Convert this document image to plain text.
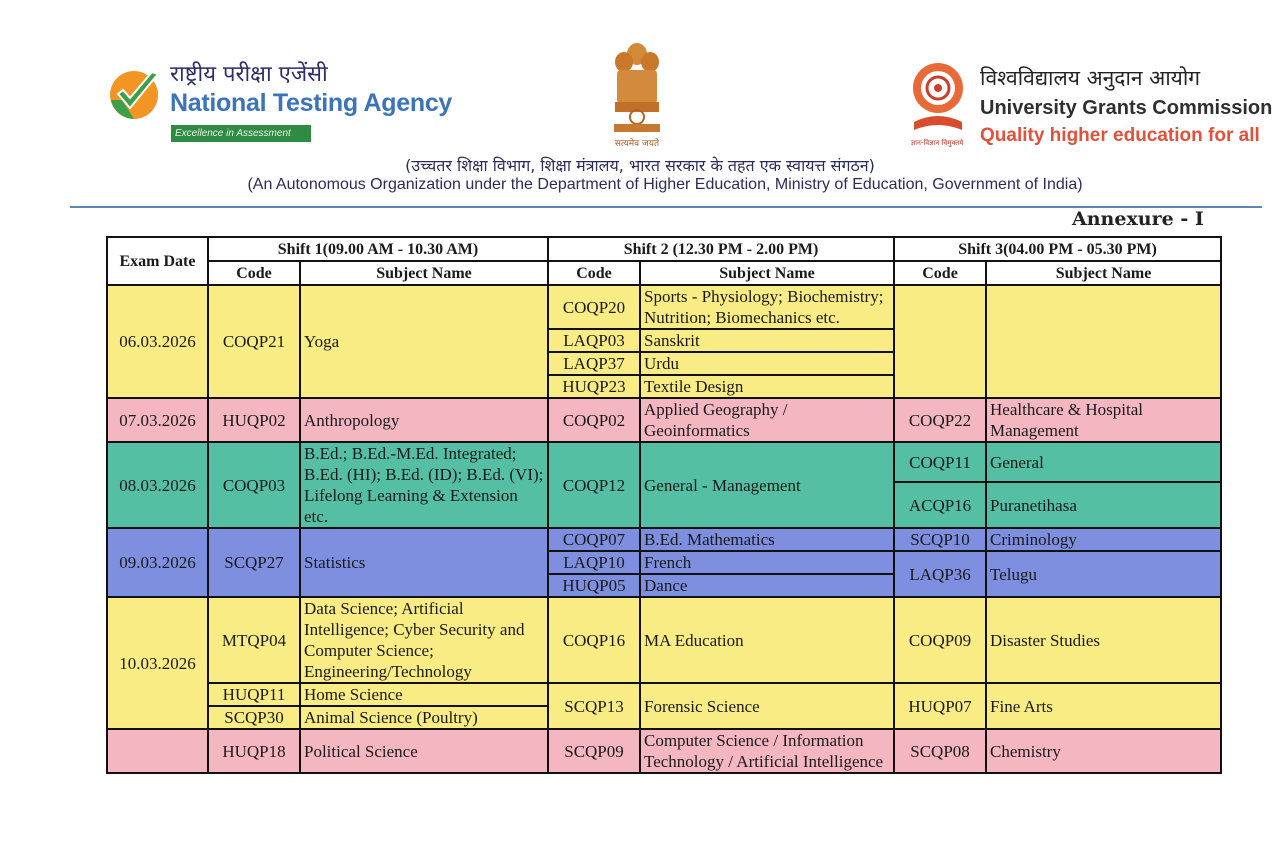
राष्ट्रीय परीक्षा एजेंसी
National Testing Agency
Excellence in Assessment
सत्यमेव जयते	ज्ञान-विज्ञान विमुक्तये
विश्वविद्यालय अनुदान आयोग
University Grants Commission
Quality higher education for all
(उच्चतर शिक्षा विभाग, शिक्षा मंत्रालय, भारत सरकार के तहत एक स्वायत्त संगठन)
(An Autonomous Organization under the Department of Higher Education, Ministry of Education, Government of India)
Annexure - I
Exam Date	Shift 1(09.00 AM - 10.30 AM)		Shift 2 (12.30 PM - 2.00 PM)		Shift 3(04.00 PM - 05.30 PM)	
	Code	Subject Name	Code	Subject Name	Code	Subject Name
06.03.2026	COQP21	Yoga	COQP20	Sports - Physiology; Biochemistry; Nutrition; Biomechanics etc.		
			LAQP03	Sanskrit		
			LAQP37	Urdu		
			HUQP23	Textile Design		
07.03.2026	HUQP02	Anthropology	COQP02	Applied Geography / Geoinformatics	COQP22	Healthcare & Hospital Management
08.03.2026	COQP03	B.Ed.; B.Ed.-M.Ed. Integrated; B.Ed. (HI); B.Ed. (ID); B.Ed. (VI); Lifelong Learning & Extension etc.	COQP12	General - Management	COQP11	General
					ACQP16	Puranetihasa
09.03.2026	SCQP27	Statistics	COQP07	B.Ed. Mathematics	SCQP10	Criminology
			LAQP10	French	LAQP36	Telugu
			HUQP05	Dance		
10.03.2026	MTQP04	Data Science; Artificial Intelligence; Cyber Security and Computer Science; Engineering/Technology	COQP16	MA Education	COQP09	Disaster Studies
	HUQP11	Home Science	SCQP13	Forensic Science	HUQP07	Fine Arts
	SCQP30	Animal Science (Poultry)				
	HUQP18	Political Science	SCQP09	Computer Science / Information Technology / Artificial Intelligence	SCQP08	Chemistry
